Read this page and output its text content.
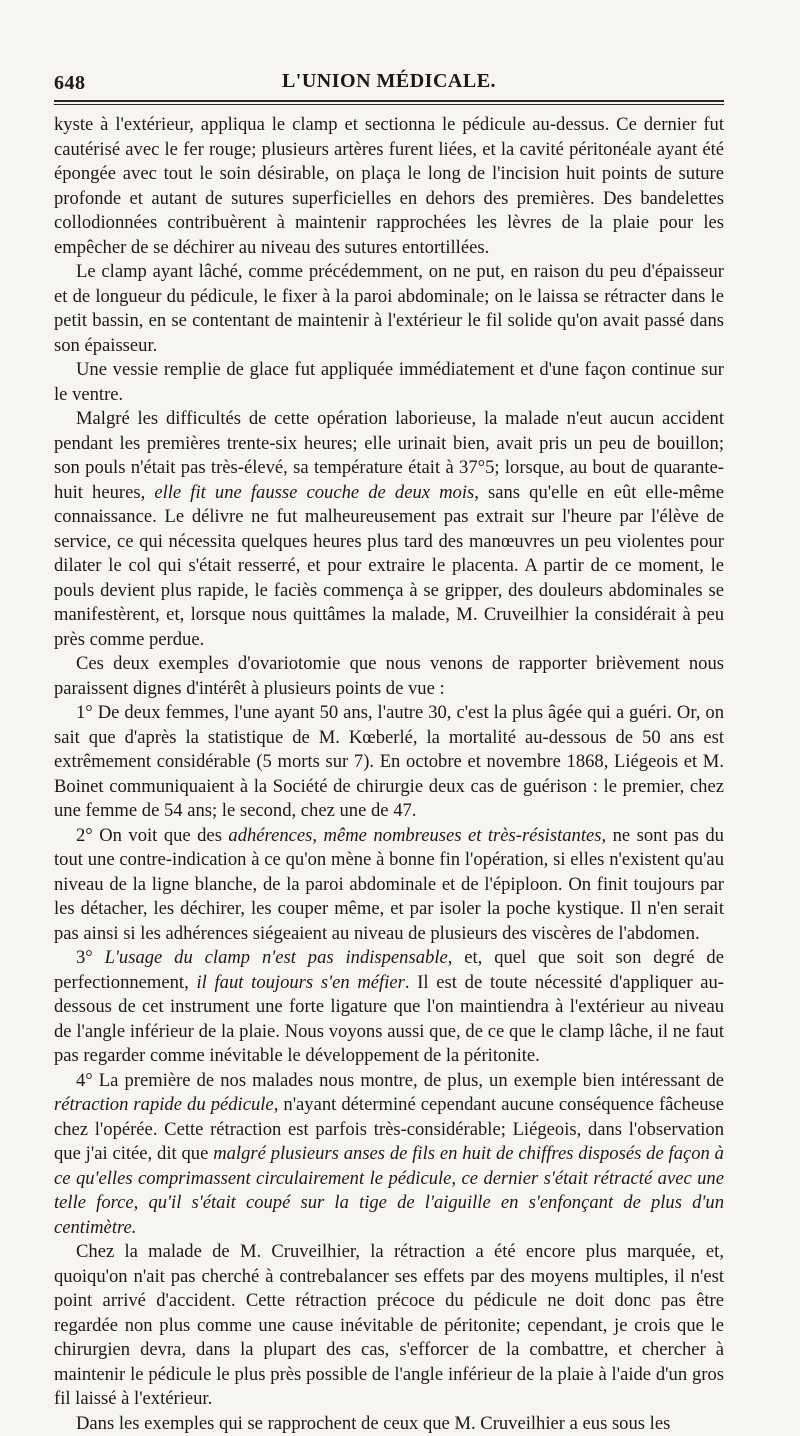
648	L'UNION MÉDICALE.

kyste à l'extérieur, appliqua le clamp et sectionna le pédicule au-dessus. Ce dernier fut cautérisé avec le fer rouge; plusieurs artères furent liées, et la cavité péritonéale ayant été épongée avec tout le soin désirable, on plaça le long de l'incision huit points de suture profonde et autant de sutures superficielles en dehors des premières. Des bandelettes collodionnées contribuèrent à maintenir rapprochées les lèvres de la plaie pour les empêcher de se déchirer au niveau des sutures entortillées.

Le clamp ayant lâché, comme précédemment, on ne put, en raison du peu d'épaisseur et de longueur du pédicule, le fixer à la paroi abdominale; on le laissa se rétracter dans le petit bassin, en se contentant de maintenir à l'extérieur le fil solide qu'on avait passé dans son épaisseur.

Une vessie remplie de glace fut appliquée immédiatement et d'une façon continue sur le ventre.

Malgré les difficultés de cette opération laborieuse, la malade n'eut aucun accident pendant les premières trente-six heures; elle urinait bien, avait pris un peu de bouillon; son pouls n'était pas très-élevé, sa température était à 37°5; lorsque, au bout de quarante-huit heures, elle fit une fausse couche de deux mois, sans qu'elle en eût elle-même connaissance. Le délivre ne fut malheureusement pas extrait sur l'heure par l'élève de service, ce qui nécessita quelques heures plus tard des manœuvres un peu violentes pour dilater le col qui s'était resserré, et pour extraire le placenta. A partir de ce moment, le pouls devient plus rapide, le faciès commença à se gripper, des douleurs abdominales se manifestèrent, et, lorsque nous quittâmes la malade, M. Cruveilhier la considérait à peu près comme perdue.

Ces deux exemples d'ovariotomie que nous venons de rapporter brièvement nous paraissent dignes d'intérêt à plusieurs points de vue :

1° De deux femmes, l'une ayant 50 ans, l'autre 30, c'est la plus âgée qui a guéri. Or, on sait que d'après la statistique de M. Kœberlé, la mortalité au-dessous de 50 ans est extrêmement considérable (5 morts sur 7). En octobre et novembre 1868, Liégeois et M. Boinet communiquaient à la Société de chirurgie deux cas de guérison : le premier, chez une femme de 54 ans; le second, chez une de 47.

2° On voit que des adhérences, même nombreuses et très-résistantes, ne sont pas du tout une contre-indication à ce qu'on mène à bonne fin l'opération, si elles n'existent qu'au niveau de la ligne blanche, de la paroi abdominale et de l'épiploon. On finit toujours par les détacher, les déchirer, les couper même, et par isoler la poche kystique. Il n'en serait pas ainsi si les adhérences siégeaient au niveau de plusieurs des viscères de l'abdomen.

3° L'usage du clamp n'est pas indispensable, et, quel que soit son degré de perfectionnement, il faut toujours s'en méfier. Il est de toute nécessité d'appliquer au-dessous de cet instrument une forte ligature que l'on maintiendra à l'extérieur au niveau de l'angle inférieur de la plaie. Nous voyons aussi que, de ce que le clamp lâche, il ne faut pas regarder comme inévitable le développement de la péritonite.

4° La première de nos malades nous montre, de plus, un exemple bien intéressant de rétraction rapide du pédicule, n'ayant déterminé cependant aucune conséquence fâcheuse chez l'opérée. Cette rétraction est parfois très-considérable; Liégeois, dans l'observation que j'ai citée, dit que malgré plusieurs anses de fils en huit de chiffres disposés de façon à ce qu'elles comprimassent circulairement le pédicule, ce dernier s'était rétracté avec une telle force, qu'il s'était coupé sur la tige de l'aiguille en s'enfonçant de plus d'un centimètre.

Chez la malade de M. Cruveilhier, la rétraction a été encore plus marquée, et, quoiqu'on n'ait pas cherché à contrebalancer ses effets par des moyens multiples, il n'est point arrivé d'accident. Cette rétraction précoce du pédicule ne doit donc pas être regardée non plus comme une cause inévitable de péritonite; cependant, je crois que le chirurgien devra, dans la plupart des cas, s'efforcer de la combattre, et chercher à maintenir le pédicule le plus près possible de l'angle inférieur de la plaie à l'aide d'un gros fil laissé à l'extérieur.

Dans les exemples qui se rapprochent de ceux que M. Cruveilhier a eus sous les
